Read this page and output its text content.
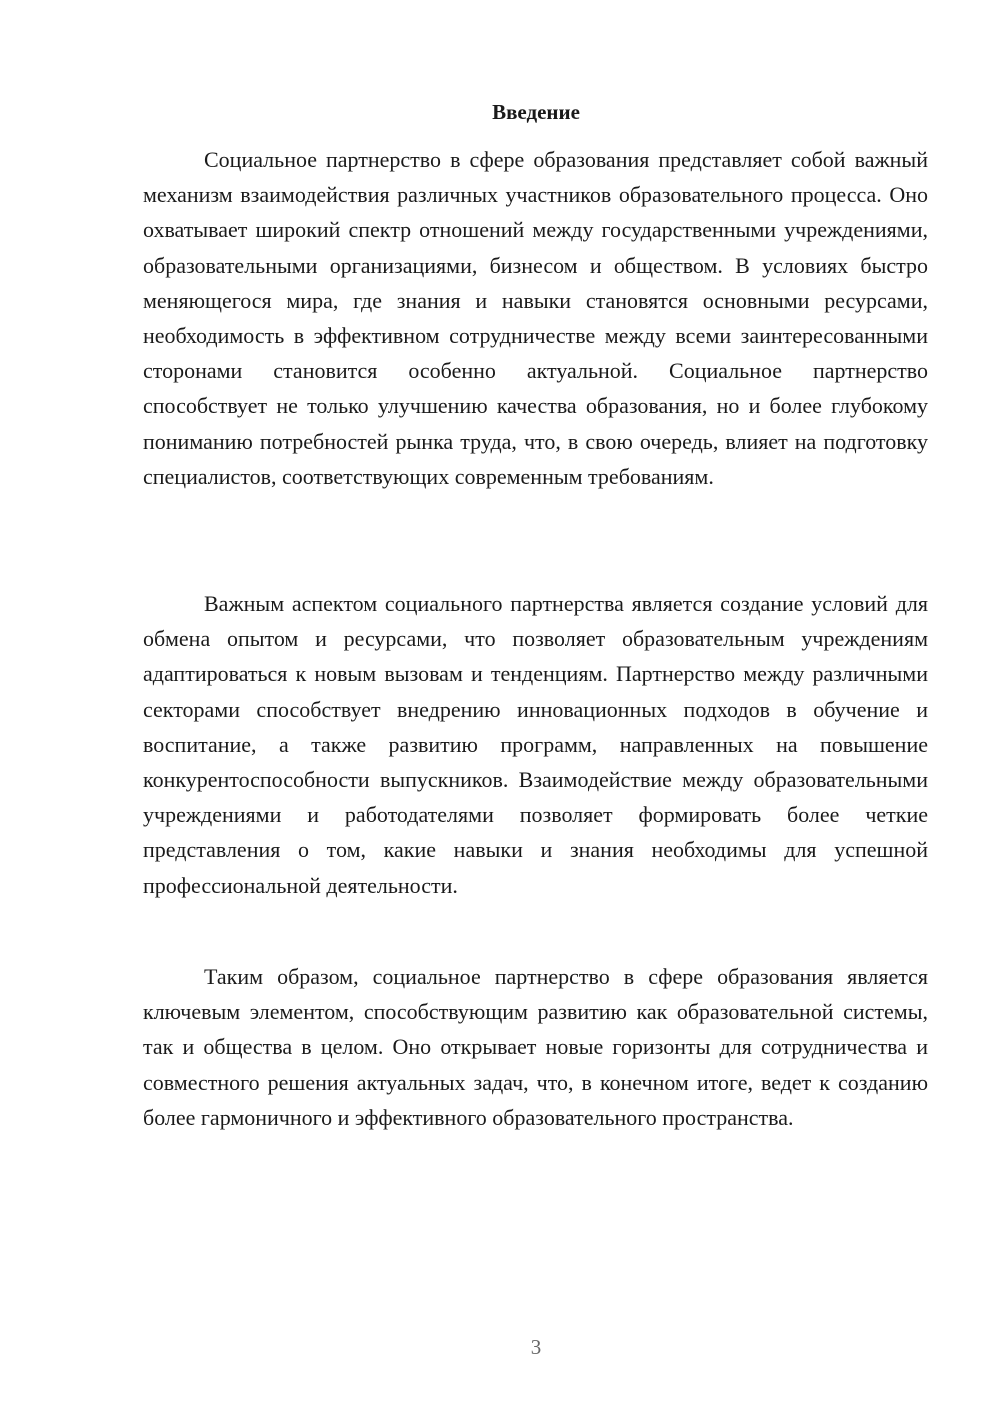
Введение

Социальное партнерство в сфере образования представляет собой важный механизм взаимодействия различных участников образовательного процесса. Оно охватывает широкий спектр отношений между государственными учреждениями, образовательными организациями, бизнесом и обществом. В условиях быстро меняющегося мира, где знания и навыки становятся основными ресурсами, необходимость в эффективном сотрудничестве между всеми заинтересованными сторонами становится особенно актуальной. Социальное партнерство способствует не только улучшению качества образования, но и более глубокому пониманию потребностей рынка труда, что, в свою очередь, влияет на подготовку специалистов, соответствующих современным требованиям.

Важным аспектом социального партнерства является создание условий для обмена опытом и ресурсами, что позволяет образовательным учреждениям адаптироваться к новым вызовам и тенденциям. Партнерство между различными секторами способствует внедрению инновационных подходов в обучение и воспитание, а также развитию программ, направленных на повышение конкурентоспособности выпускников. Взаимодействие между образовательными учреждениями и работодателями позволяет формировать более четкие представления о том, какие навыки и знания необходимы для успешной профессиональной деятельности.

Таким образом, социальное партнерство в сфере образования является ключевым элементом, способствующим развитию как образовательной системы, так и общества в целом. Оно открывает новые горизонты для сотрудничества и совместного решения актуальных задач, что, в конечном итоге, ведет к созданию более гармоничного и эффективного образовательного пространства.

3
